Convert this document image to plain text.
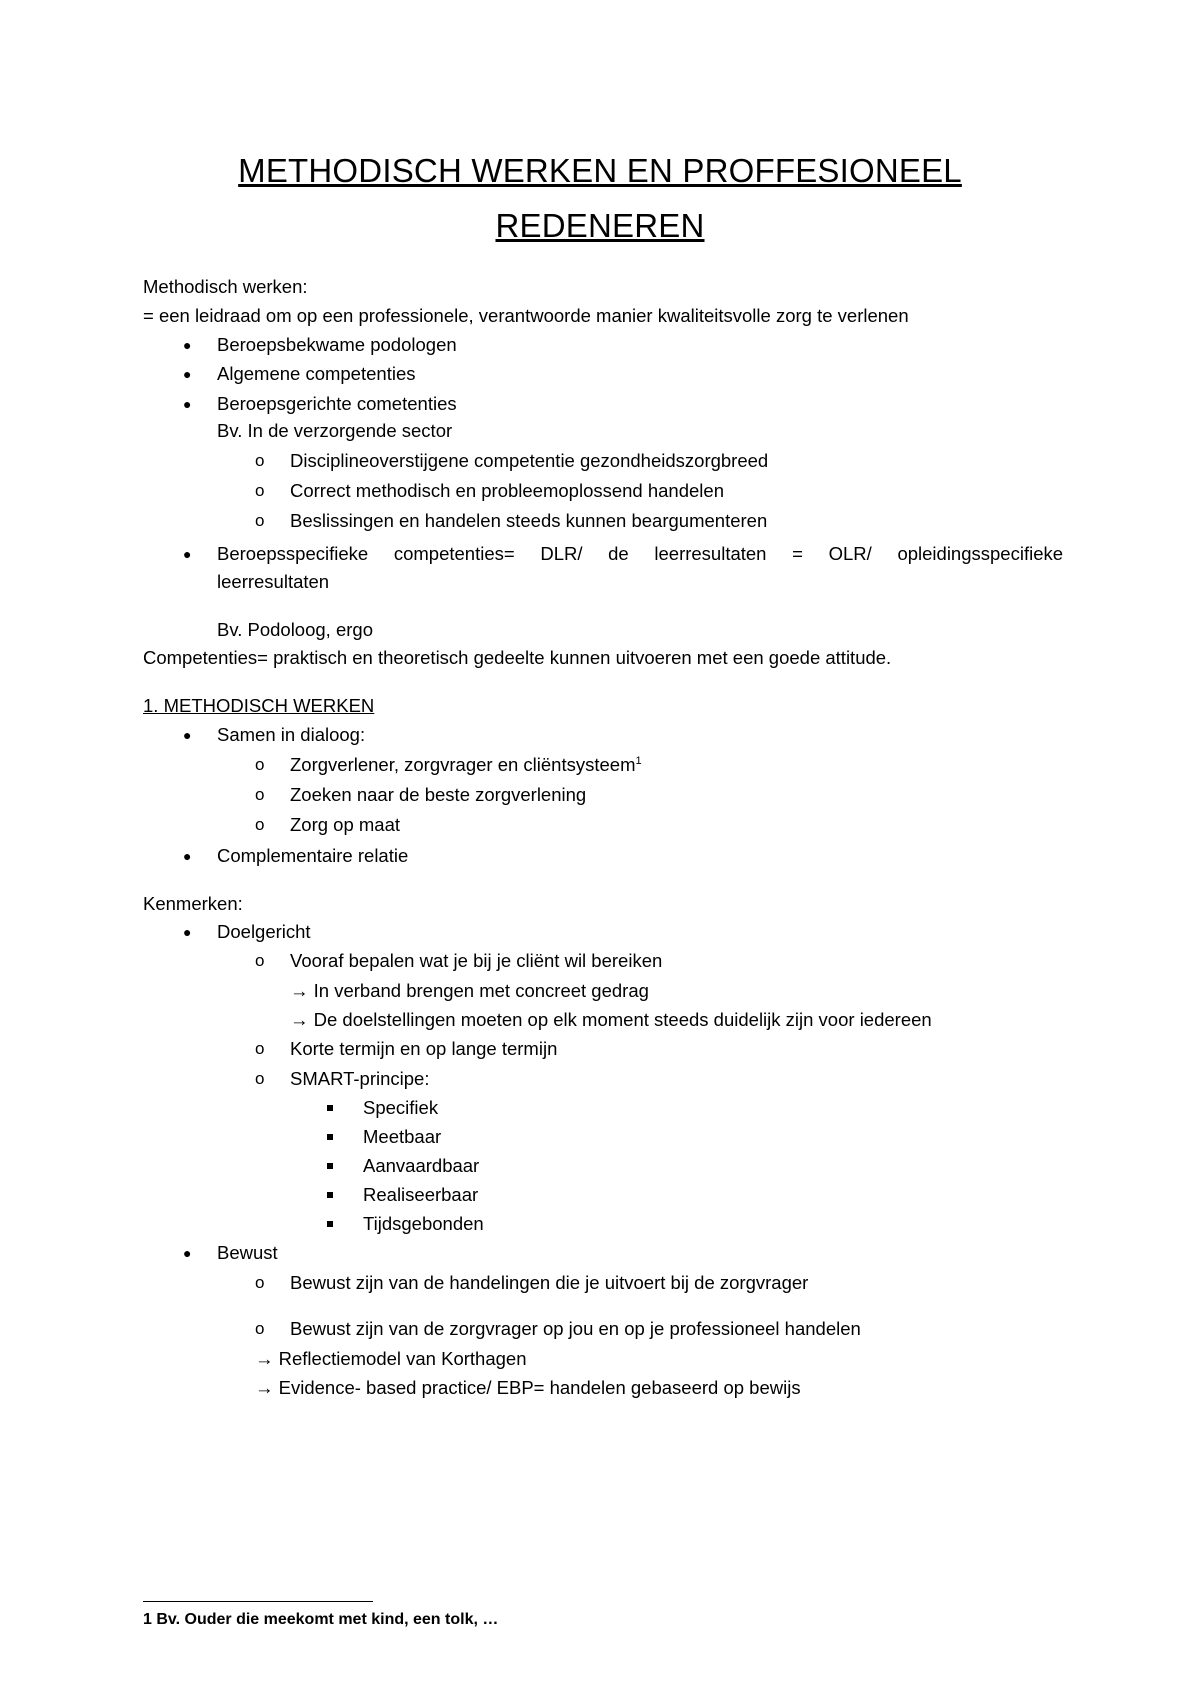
METHODISCH WERKEN EN PROFFESIONEEL
REDENEREN
Methodisch werken:
= een leidraad om op een professionele, verantwoorde manier kwaliteitsvolle zorg te verlenen
● Beroepsbekwame podologen
● Algemene competenties
● Beroepsgerichte cometenties
Bv. In de verzorgende sector
o Disciplineoverstijgene competentie gezondheidszorgbreed
o Correct methodisch en probleemoplossend handelen
o Beslissingen en handelen steeds kunnen beargumenteren
● Beroepsspecifieke competenties= DLR/ de leerresultaten = OLR/ opleidingsspecifieke
leerresultaten
Bv. Podoloog, ergo
Competenties= praktisch en theoretisch gedeelte kunnen uitvoeren met een goede attitude.
1. METHODISCH WERKEN
● Samen in dialoog:
o Zorgverlener, zorgvrager en cliëntsysteem$^1$
o Zoeken naar de beste zorgverlening
o Zorg op maat
● Complementaire relatie
Kenmerken:
● Doelgericht
o Vooraf bepalen wat je bij je cliënt wil bereiken
→ In verband brengen met concreet gedrag
→ De doelstellingen moeten op elk moment steeds duidelijk zijn voor iedereen
o Korte termijn en op lange termijn
o SMART-principe:
Specifiek
Meetbaar
Aanvaardbaar
Realiseerbaar
Tijdsgebonden
● Bewust
o Bewust zijn van de handelingen die je uitvoert bij de zorgvrager
o Bewust zijn van de zorgvrager op jou en op je professioneel handelen
→ Reflectiemodel van Korthagen
→ Evidence- based practice/ EBP= handelen gebaseerd op bewijs
1 Bv. Ouder die meekomt met kind, een tolk, …
